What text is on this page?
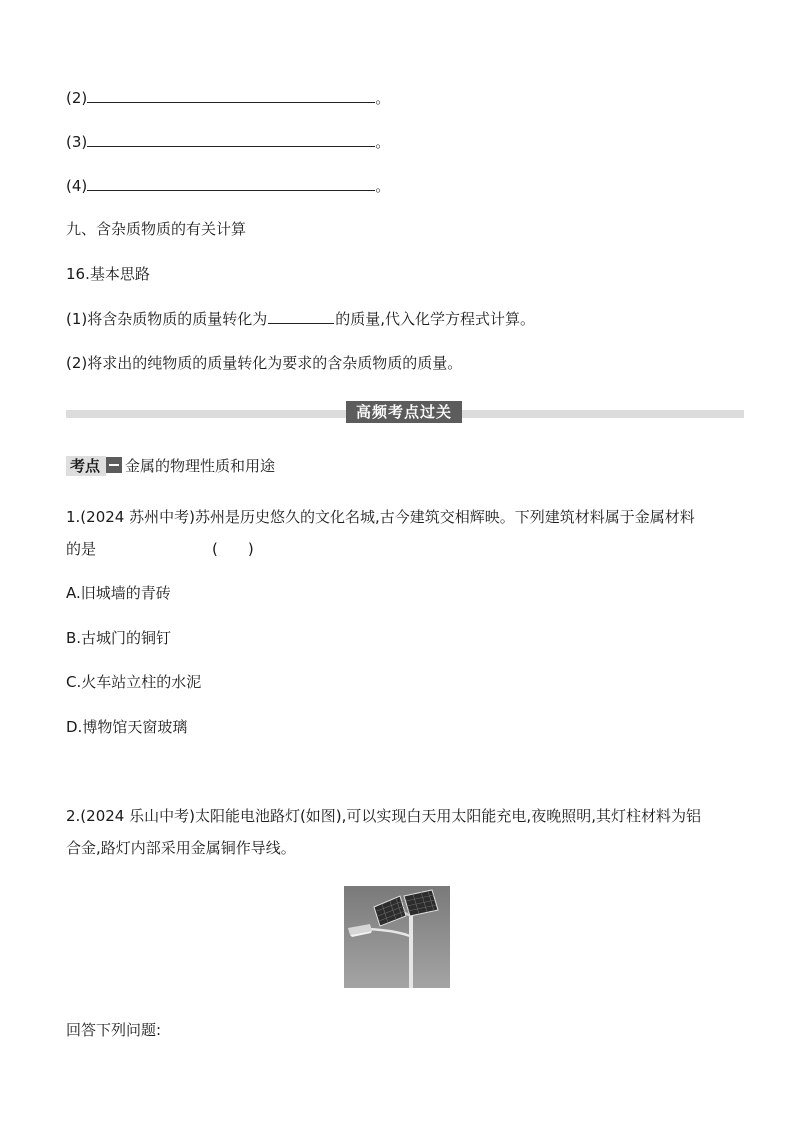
(2)	。
(3)	。
(4)	。
九、含杂质物质的有关计算
16.基本思路
(1)将含杂质物质的质量转化为	的质量,代入化学方程式计算。
(2)将求出的纯物质的质量转化为要求的含杂质物质的质量。
高频考点过关
考点 金属的物理性质和用途
1.(2024 苏州中考)苏州是历史悠久的文化名城,古今建筑交相辉映。下列建筑材料属于金属材料
的是	(　　)
A.旧城墙的青砖
B.古城门的铜钉
C.火车站立柱的水泥
D.博物馆天窗玻璃
2.(2024 乐山中考)太阳能电池路灯(如图),可以实现白天用太阳能充电,夜晚照明,其灯柱材料为铝
合金,路灯内部采用金属铜作导线。
回答下列问题:
